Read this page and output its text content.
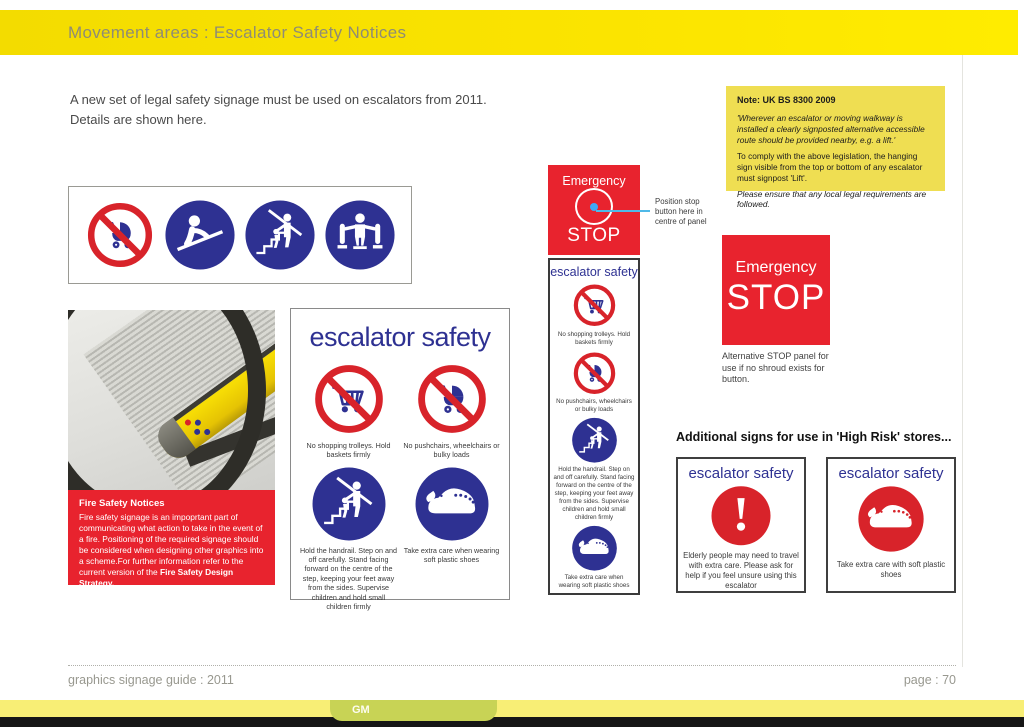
Movement areas : Escalator Safety Notices
A new set of legal safety signage must be used on escalators from 2011.
Details are shown here.

Note: UK BS 8300 2009

'Wherever an escalator or moving walkway is installed a clearly signposted alternative accessible route should be provided nearby, e.g. a lift.'

To comply with the above legislation, the hanging sign visible from the top or bottom of any escalator must signpost 'Lift'.

Please ensure that any local legal requirements are followed.

Fire Safety Notices

Fire safety signage is an impoprtant part of communicating what action to take in the event of a fire. Positioning of the required signage should be considered when designing other graphics into a scheme.For further information refer to the current version of the Fire Safety Design Strategy.

escalator safety
No shopping trolleys. Hold baskets firmly
No pushchairs, wheelchairs or bulky loads
Hold the handrail. Step on and off carefully. Stand facing forward on the centre of the step, keeping your feet away from the sides. Supervise children and hold small children firmly
Take extra care when wearing soft plastic shoes
Emergency
STOP
Position stop button here in centre of panel
escalator safety
No shopping trolleys. Hold baskets firmly
No pushchairs, wheelchairs or bulky loads
Hold the handrail. Step on and off carefully. Stand facing forward on the centre of the step, keeping your feet away from the sides. Supervise children and hold small children firmly
Take extra care when wearing soft plastic shoes
Emergency
STOP
Alternative STOP panel for use if no shroud exists for button.
Additional signs for use in 'High Risk' stores...
escalator safety
Elderly people may need to travel with extra care. Please ask for help if you feel unsure using this escalator
escalator safety
Take extra care with soft plastic shoes
graphics signage guide : 2011	page : 70
GM
